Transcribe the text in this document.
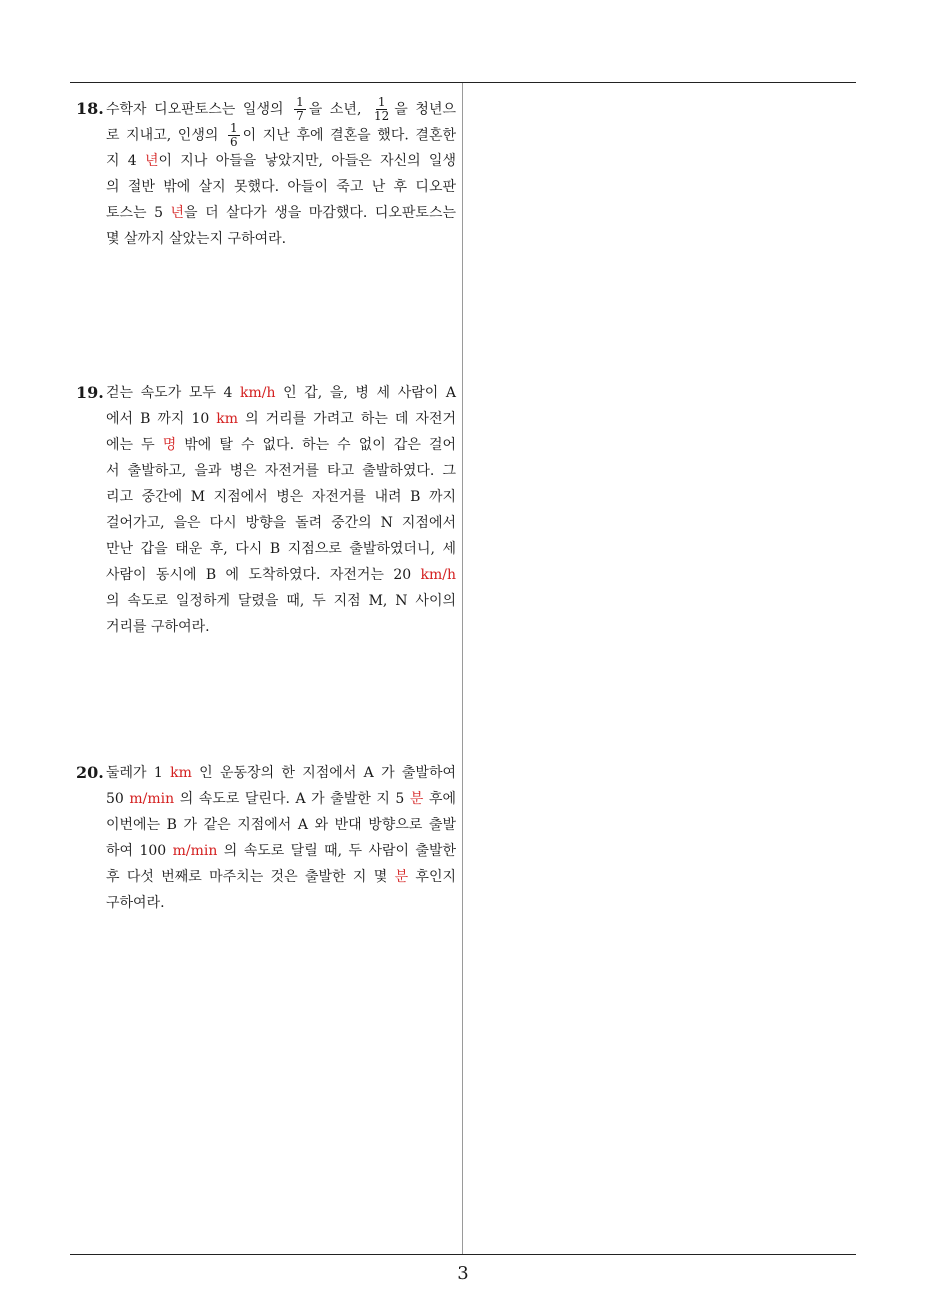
18. 수학자 디오판토스는 일생의 $\frac{1}{7}$ 을 소년, $\frac{1}{12}$ 을 청년으
로 지내고, 인생의 $\frac{1}{6}$ 이 지난 후에 결혼을 했다. 결혼한
지 4 년이 지나 아들을 낳았지만, 아들은 자신의 일생
의 절반 밖에 살지 못했다. 아들이 죽고 난 후 디오판
토스는 5 년을 더 살다가 생을 마감했다. 디오판토스는
몇 살까지 살았는지 구하여라.
19. 걷는 속도가 모두 4 km/h 인 갑, 을, 병 세 사람이 A
에서 B 까지 10 km 의 거리를 가려고 하는 데 자전거
에는 두 명 밖에 탈 수 없다. 하는 수 없이 갑은 걸어
서 출발하고, 을과 병은 자전거를 타고 출발하였다. 그
리고 중간에 M 지점에서 병은 자전거를 내려 B 까지
걸어가고, 을은 다시 방향을 돌려 중간의 N 지점에서
만난 갑을 태운 후, 다시 B 지점으로 출발하였더니, 세
사람이 동시에 B 에 도착하였다. 자전거는 20 km/h
의 속도로 일정하게 달렸을 때, 두 지점 M, N 사이의
거리를 구하여라.
20. 둘레가 1 km 인 운동장의 한 지점에서 A 가 출발하여
50 m/min 의 속도로 달린다. A 가 출발한 지 5 분 후에
이번에는 B 가 같은 지점에서 A 와 반대 방향으로 출발
하여 100 m/min 의 속도로 달릴 때, 두 사람이 출발한
후 다섯 번째로 마주치는 것은 출발한 지 몇 분 후인지
구하여라.
3
